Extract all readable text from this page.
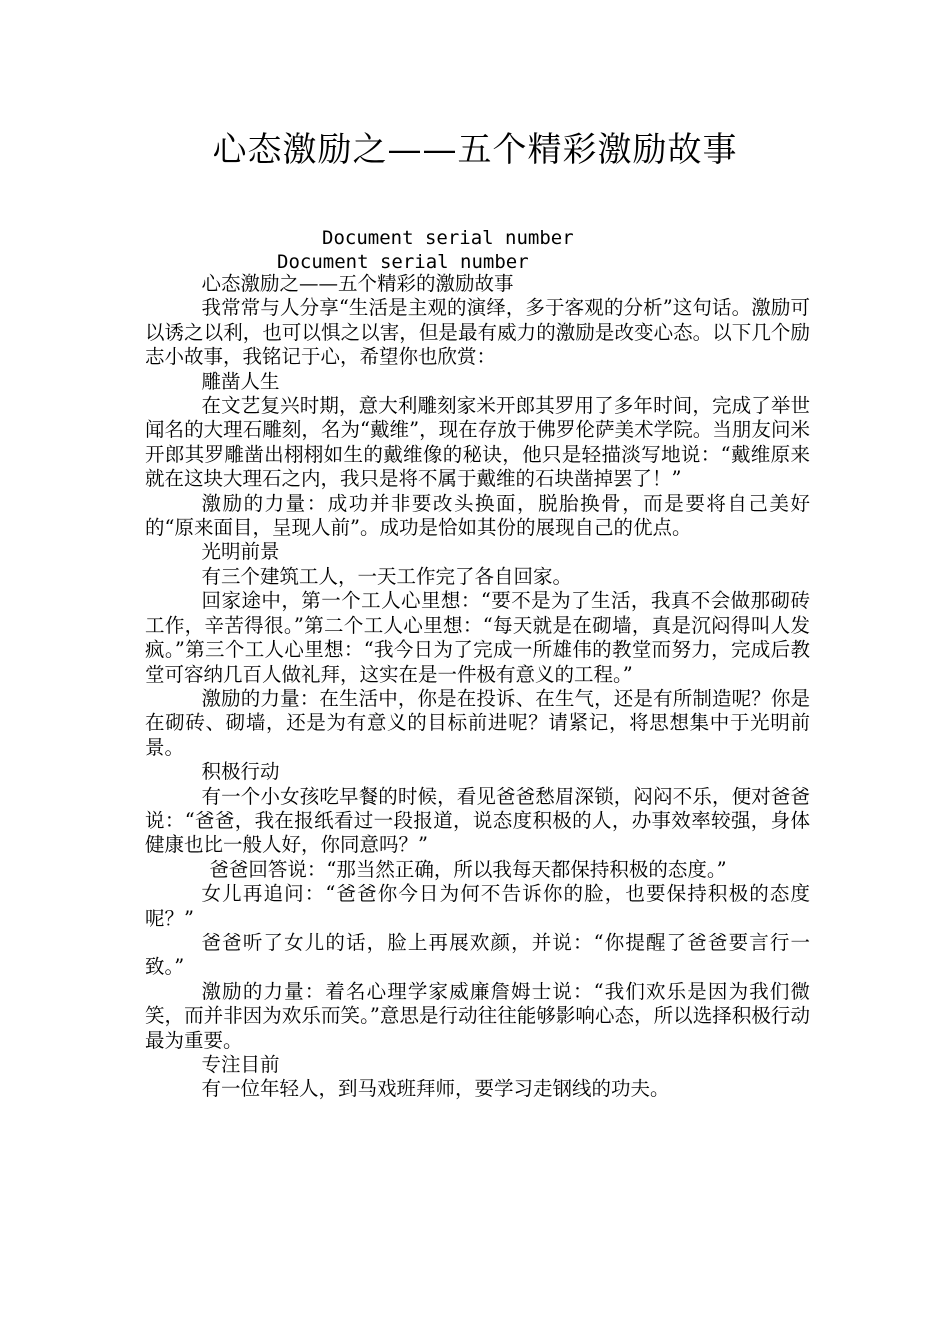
心态激励之——五个精彩激励故事
Document serial number
Document serial number

心态激励之——五个精彩的激励故事

我常常与人分享“生活是主观的演绎，多于客观的分析”这句话。激励可以诱之以利，也可以惧之以害，但是最有威力的激励是改变心态。以下几个励志小故事，我铭记于心，希望你也欣赏：

雕凿人生

在文艺复兴时期，意大利雕刻家米开郎其罗用了多年时间，完成了举世闻名的大理石雕刻，名为“戴维”，现在存放于佛罗伦萨美术学院。当朋友问米开郎其罗雕凿出栩栩如生的戴维像的秘诀，他只是轻描淡写地说：“戴维原来就在这块大理石之内，我只是将不属于戴维的石块凿掉罢了！”

激励的力量：成功并非要改头换面，脱胎换骨，而是要将自己美好的“原来面目，呈现人前”。成功是恰如其份的展现自己的优点。

光明前景

有三个建筑工人，一天工作完了各自回家。

回家途中，第一个工人心里想：“要不是为了生活，我真不会做那砌砖工作，辛苦得很。”第二个工人心里想：“每天就是在砌墙，真是沉闷得叫人发疯。”第三个工人心里想：“我今日为了完成一所雄伟的教堂而努力，完成后教堂可容纳几百人做礼拜，这实在是一件极有意义的工程。”

激励的力量：在生活中，你是在投诉、在生气，还是有所制造呢？你是在砌砖、砌墙，还是为有意义的目标前进呢？请紧记，将思想集中于光明前景。

积极行动

有一个小女孩吃早餐的时候，看见爸爸愁眉深锁，闷闷不乐，便对爸爸说：“爸爸，我在报纸看过一段报道，说态度积极的人，办事效率较强，身体健康也比一般人好，你同意吗？”

爸爸回答说：“那当然正确，所以我每天都保持积极的态度。”

女儿再追问：“爸爸你今日为何不告诉你的脸，也要保持积极的态度呢？”

爸爸听了女儿的话，脸上再展欢颜，并说：“你提醒了爸爸要言行一致。”

激励的力量：着名心理学家威廉詹姆士说：“我们欢乐是因为我们微笑，而并非因为欢乐而笑。”意思是行动往往能够影响心态，所以选择积极行动最为重要。

专注目前

有一位年轻人，到马戏班拜师，要学习走钢线的功夫。
